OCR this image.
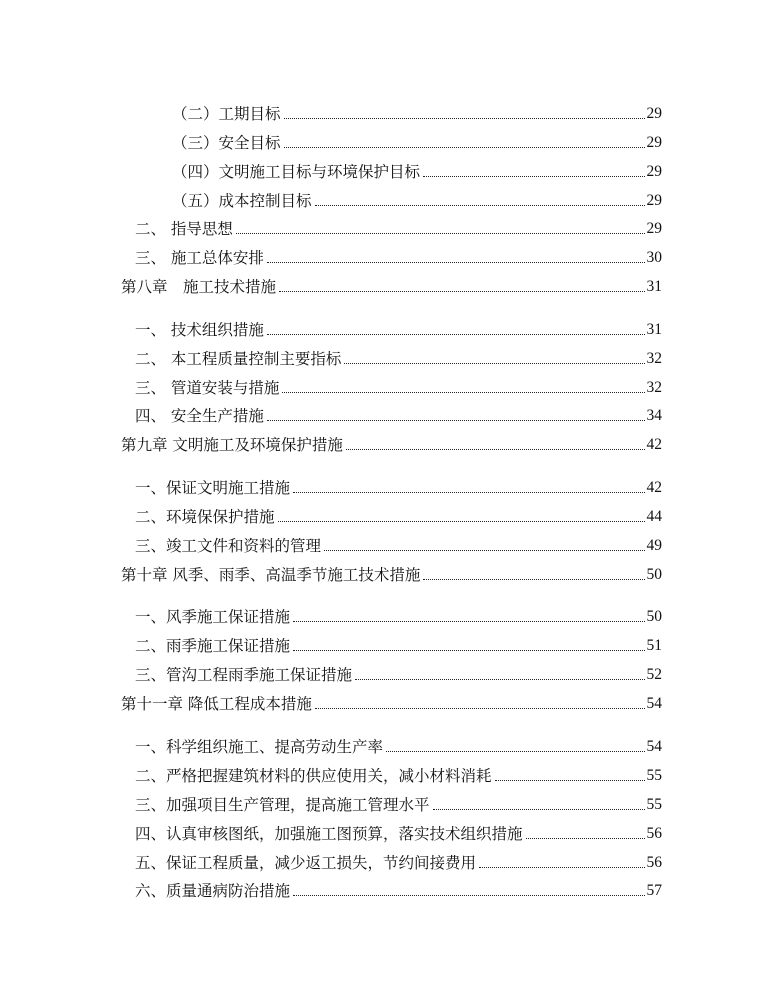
（二）工期目标	29
（三）安全目标	29
（四）文明施工目标与环境保护目标	29
（五）成本控制目标	29
二、 指导思想	29
三、 施工总体安排	30
第八章　施工技术措施	31
一、 技术组织措施	31
二、 本工程质量控制主要指标	32
三、 管道安装与措施	32
四、 安全生产措施	34
第九章 文明施工及环境保护措施	42
一、保证文明施工措施	42
二、环境保保护措施	44
三、竣工文件和资料的管理	49
第十章 风季、雨季、高温季节施工技术措施	50
一、风季施工保证措施	50
二、雨季施工保证措施	51
三、管沟工程雨季施工保证措施	52
第十一章 降低工程成本措施	54
一、科学组织施工、提高劳动生产率	54
二、严格把握建筑材料的供应使用关，减小材料消耗	55
三、加强项目生产管理，提高施工管理水平	55
四、认真审核图纸，加强施工图预算，落实技术组织措施	56
五、保证工程质量，减少返工损失，节约间接费用	56
六、质量通病防治措施	57
